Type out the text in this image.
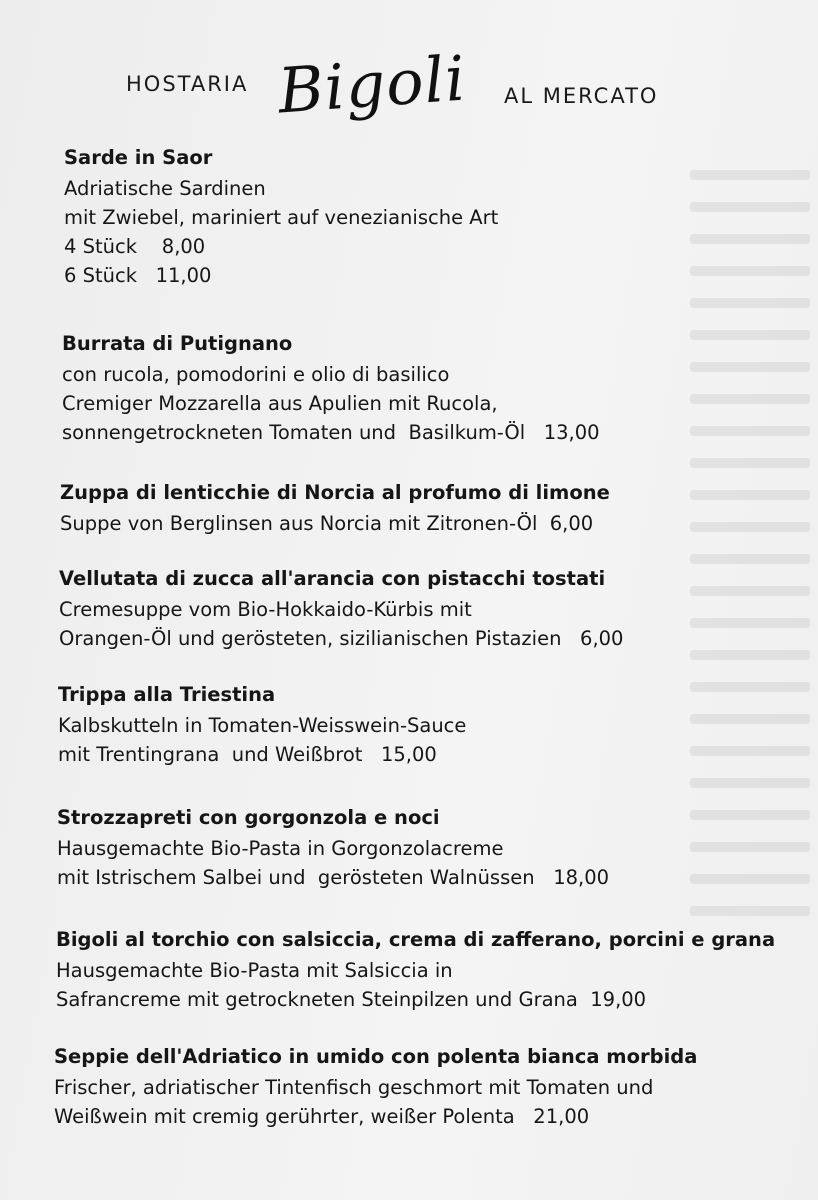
HOSTARIA Bigoli AL MERCATO
Sarde in Saor
Adriatische Sardinen
mit Zwiebel, mariniert auf venezianische Art
4 Stück    8,00
6 Stück   11,00
Burrata di Putignano
con rucola, pomodorini e olio di basilico
Cremiger Mozzarella aus Apulien mit Rucola,
sonnengetrockneten Tomaten und  Basilkum-Öl   13,00
Zuppa di lenticchie di Norcia al profumo di limone
Suppe von Berglinsen aus Norcia mit Zitronen-Öl  6,00
Vellutata di zucca all'arancia con pistacchi tostati
Cremesuppe vom Bio-Hokkaido-Kürbis mit
Orangen-Öl und gerösteten, sizilianischen Pistazien   6,00
Trippa alla Triestina
Kalbskutteln in Tomaten-Weisswein-Sauce
mit Trentingrana  und Weißbrot   15,00
Strozzapreti con gorgonzola e noci
Hausgemachte Bio-Pasta in Gorgonzolacreme
mit Istrischem Salbei und  gerösteten Walnüssen   18,00
Bigoli al torchio con salsiccia, crema di zafferano, porcini e grana
Hausgemachte Bio-Pasta mit Salsiccia in
Safrancreme mit getrockneten Steinpilzen und Grana  19,00
Seppie dell'Adriatico in umido con polenta bianca morbida
Frischer, adriatischer Tintenfisch geschmort mit Tomaten und
Weißwein mit cremig gerührter, weißer Polenta   21,00
